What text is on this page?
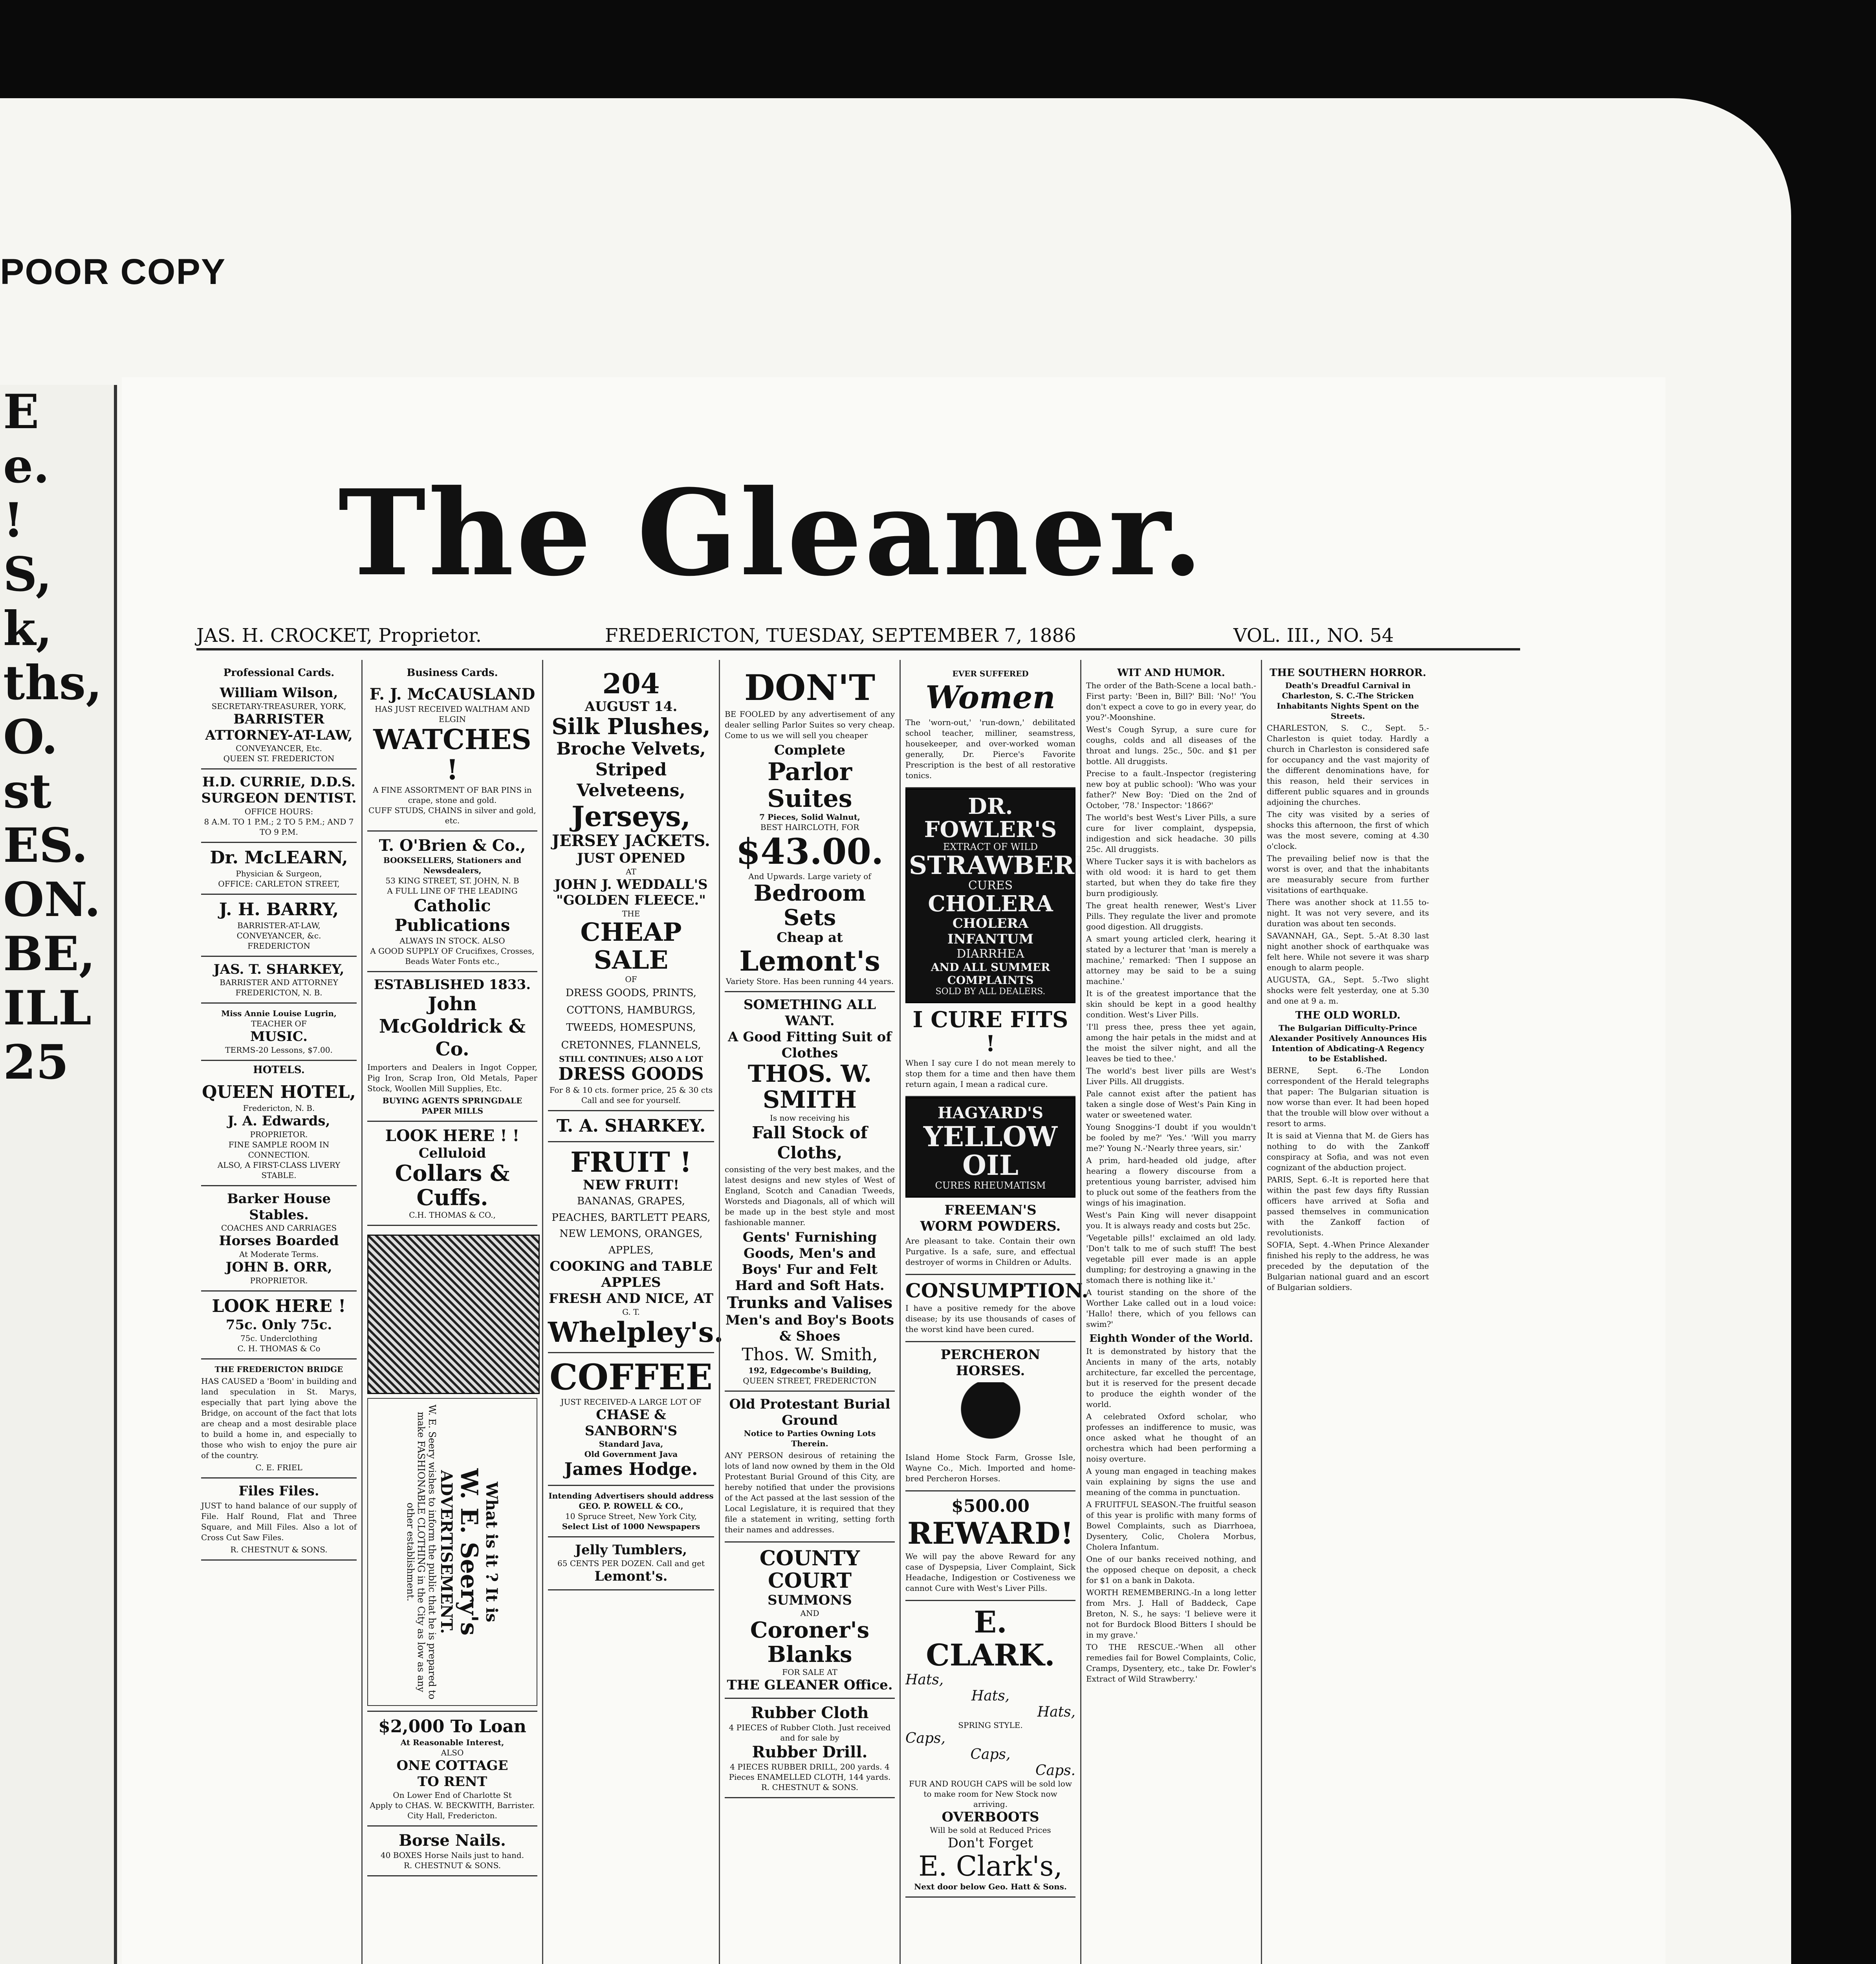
POOR COPY
E
e.
!
S,
k,
ths,
O.
st
ES.
ON.
BE,
ILL
25
The Gleaner.
JAS. H. CROCKET, Proprietor.	FREDERICTON, TUESDAY, SEPTEMBER 7, 1886	VOL. III., NO. 54
Professional Cards.
William Wilson,
SECRETARY-TREASURER, YORK,
BARRISTER
ATTORNEY-AT-LAW,
CONVEYANCER, Etc.
QUEEN ST. FREDERICTON
H.D. CURRIE, D.D.S.
SURGEON DENTIST.
OFFICE HOURS:
8 A.M. TO 1 P.M.; 2 TO 5 P.M.; AND 7 TO 9 P.M.
Dr. McLEARN,
Physician & Surgeon,
OFFICE: CARLETON STREET,
J. H. BARRY,
BARRISTER-AT-LAW,
CONVEYANCER, &c.
FREDERICTON
JAS. T. SHARKEY,
BARRISTER AND ATTORNEY
FREDERICTON, N. B.
Miss Annie Louise Lugrin,
TEACHER OF
MUSIC.
TERMS-20 Lessons, $7.00.
HOTELS.
QUEEN HOTEL,
Fredericton, N. B.
J. A. Edwards,
PROPRIETOR.
FINE SAMPLE ROOM IN CONNECTION.
ALSO, A FIRST-CLASS LIVERY STABLE.
Barker House Stables.
COACHES AND CARRIAGES
Horses Boarded
At Moderate Terms.
JOHN B. ORR,
PROPRIETOR.
LOOK HERE !
75c. Only 75c.
75c. Underclothing
C. H. THOMAS & Co
THE FREDERICTON BRIDGE
HAS CAUSED a 'Boom' in building and land speculation in St. Marys, especially that part lying above the Bridge, on account of the fact that lots are cheap and a most desirable place to build a home in, and especially to those who wish to enjoy the pure air of the country.
C. E. FRIEL
Files Files.
JUST to hand balance of our supply of File. Half Round, Flat and Three Square, and Mill Files. Also a lot of Cross Cut Saw Files.
R. CHESTNUT & SONS.
Business Cards.
F. J. McCAUSLAND
HAS JUST RECEIVED WALTHAM AND ELGIN
WATCHES !
A FINE ASSORTMENT OF BAR PINS in crape, stone and gold.
CUFF STUDS, CHAINS in silver and gold, etc.
T. O'Brien & Co.,
BOOKSELLERS, Stationers and Newsdealers,
53 KING STREET, ST. JOHN, N. B
A FULL LINE OF THE LEADING
Catholic Publications
ALWAYS IN STOCK. ALSO
A GOOD SUPPLY OF Crucifixes, Crosses, Beads Water Fonts etc.,
ESTABLISHED 1833.
John McGoldrick & Co.
Importers and Dealers in Ingot Copper, Pig Iron, Scrap Iron, Old Metals, Paper Stock, Woollen Mill Supplies, Etc.
BUYING AGENTS SPRINGDALE PAPER MILLS
LOOK HERE ! !
Celluloid
Collars & Cuffs.
C.H. THOMAS & CO.,
What is it ? It is
W. E. Seery's
ADVERTISEMENT.
W. E. Seery wishes to inform the public that he is prepared to make FASHIONABLE CLOTHING in the City as low as any other establishment.
$2,000 To Loan
At Reasonable Interest,
ALSO
ONE COTTAGE
TO RENT
On Lower End of Charlotte St
Apply to CHAS. W. BECKWITH, Barrister. City Hall, Fredericton.
Borse Nails.
40 BOXES Horse Nails just to hand.
R. CHESTNUT & SONS.
204
AUGUST 14.
Silk Plushes,
Broche Velvets,
Striped Velveteens,
Jerseys,
JERSEY JACKETS.
JUST OPENED
AT
JOHN J. WEDDALL'S
"GOLDEN FLEECE."
THE
CHEAP SALE
OF
DRESS GOODS, PRINTS, COTTONS, HAMBURGS, TWEEDS, HOMESPUNS, CRETONNES, FLANNELS,
STILL CONTINUES; ALSO A LOT
DRESS GOODS
For 8 & 10 cts. former price, 25 & 30 cts
Call and see for yourself.
T. A. SHARKEY.
FRUIT !
NEW FRUIT!
BANANAS, GRAPES, PEACHES, BARTLETT PEARS, NEW LEMONS, ORANGES, APPLES,
COOKING and TABLE APPLES
FRESH AND NICE, AT
G. T.
Whelpley's.
COFFEE
JUST RECEIVED-A LARGE LOT OF
CHASE & SANBORN'S
Standard Java,
Old Government Java
James Hodge.
Intending Advertisers should address
GEO. P. ROWELL & CO.,
10 Spruce Street, New York City,
Select List of 1000 Newspapers
Jelly Tumblers,
65 CENTS PER DOZEN. Call and get
Lemont's.
DON'T
BE FOOLED by any advertisement of any dealer selling Parlor Suites so very cheap. Come to us we will sell you cheaper
Complete
Parlor Suites
7 Pieces, Solid Walnut,
BEST HAIRCLOTH, FOR
$43.00.
And Upwards. Large variety of
Bedroom Sets
Cheap at
Lemont's
Variety Store. Has been running 44 years.
SOMETHING ALL WANT.
A Good Fitting Suit of Clothes
THOS. W. SMITH
Is now receiving his
Fall Stock of Cloths,
consisting of the very best makes, and the latest designs and new styles of West of England, Scotch and Canadian Tweeds, Worsteds and Diagonals, all of which will be made up in the best style and most fashionable manner.
Gents' Furnishing Goods, Men's and Boys' Fur and Felt Hard and Soft Hats.
Trunks and Valises
Men's and Boy's Boots & Shoes
Thos. W. Smith,
192, Edgecombe's Building,
QUEEN STREET, FREDERICTON
Old Protestant Burial Ground
Notice to Parties Owning Lots Therein.
ANY PERSON desirous of retaining the lots of land now owned by them in the Old Protestant Burial Ground of this City, are hereby notified that under the provisions of the Act passed at the last session of the Local Legislature, it is required that they file a statement in writing, setting forth their names and addresses.
COUNTY COURT
SUMMONS
AND
Coroner's Blanks
FOR SALE AT
THE GLEANER Office.
Rubber Cloth
4 PIECES of Rubber Cloth. Just received and for sale by
Rubber Drill.
4 PIECES RUBBER DRILL, 200 yards. 4 Pieces ENAMELLED CLOTH, 144 yards.
R. CHESTNUT & SONS.
EVER SUFFERED
Women
The 'worn-out,' 'run-down,' debilitated school teacher, milliner, seamstress, housekeeper, and over-worked woman generally, Dr. Pierce's Favorite Prescription is the best of all restorative tonics.
DR. FOWLER'S
EXTRACT OF WILD
STRAWBERRY
CURES
CHOLERA
CHOLERA INFANTUM
DIARRHEA
AND ALL SUMMER COMPLAINTS
SOLD BY ALL DEALERS.
I CURE FITS !
When I say cure I do not mean merely to stop them for a time and then have them return again, I mean a radical cure.
HAGYARD'S
YELLOW OIL
CURES RHEUMATISM
FREEMAN'S
WORM POWDERS.
Are pleasant to take. Contain their own Purgative. Is a safe, sure, and effectual destroyer of worms in Children or Adults.
CONSUMPTION.
I have a positive remedy for the above disease; by its use thousands of cases of the worst kind have been cured.
PERCHERON HORSES.
Island Home Stock Farm, Grosse Isle, Wayne Co., Mich. Imported and home-bred Percheron Horses.
$500.00
REWARD!
We will pay the above Reward for any case of Dyspepsia, Liver Complaint, Sick Headache, Indigestion or Costiveness we cannot Cure with West's Liver Pills.
E. CLARK.
Hats,
Hats,
Hats,
SPRING STYLE.
Caps,
Caps,
Caps.
FUR AND ROUGH CAPS will be sold low to make room for New Stock now arriving.
OVERBOOTS
Will be sold at Reduced Prices
Don't Forget
E. Clark's,
Next door below Geo. Hatt & Sons.
WIT AND HUMOR.

The order of the Bath-Scene a local bath.-First party: 'Been in, Bill?' Bill: 'No!' 'You don't expect a cove to go in every year, do you?'-Moonshine.

West's Cough Syrup, a sure cure for coughs, colds and all diseases of the throat and lungs. 25c., 50c. and $1 per bottle. All druggists.

Precise to a fault.-Inspector (registering new boy at public school): 'Who was your father?' New Boy: 'Died on the 2nd of October, '78.' Inspector: '1866?'

The world's best West's Liver Pills, a sure cure for liver complaint, dyspepsia, indigestion and sick headache. 30 pills 25c. All druggists.

Where Tucker says it is with bachelors as with old wood: it is hard to get them started, but when they do take fire they burn prodigiously.

The great health renewer, West's Liver Pills. They regulate the liver and promote good digestion. All druggists.

A smart young articled clerk, hearing it stated by a lecturer that 'man is merely a machine,' remarked: 'Then I suppose an attorney may be said to be a suing machine.'

It is of the greatest importance that the skin should be kept in a good healthy condition. West's Liver Pills.

'I'll press thee, press thee yet again, among the hair petals in the midst and at the moist the silver night, and all the leaves be tied to thee.'

The world's best liver pills are West's Liver Pills. All druggists.

Pale cannot exist after the patient has taken a single dose of West's Pain King in water or sweetened water.

Young Snoggins-'I doubt if you wouldn't be fooled by me?' 'Yes.' 'Will you marry me?' Young N.-'Nearly three years, sir.'

A prim, hard-headed old judge, after hearing a flowery discourse from a pretentious young barrister, advised him to pluck out some of the feathers from the wings of his imagination.

West's Pain King will never disappoint you. It is always ready and costs but 25c.

'Vegetable pills!' exclaimed an old lady. 'Don't talk to me of such stuff! The best vegetable pill ever made is an apple dumpling; for destroying a gnawing in the stomach there is nothing like it.'

A tourist standing on the shore of the Worther Lake called out in a loud voice: 'Hallo! there, which of you fellows can swim?'

Eighth Wonder of the World.

It is demonstrated by history that the Ancients in many of the arts, notably architecture, far excelled the percentage, but it is reserved for the present decade to produce the eighth wonder of the world.

A celebrated Oxford scholar, who professes an indifference to music, was once asked what he thought of an orchestra which had been performing a noisy overture.

A young man engaged in teaching makes vain explaining by signs the use and meaning of the comma in punctuation.

A FRUITFUL SEASON.-The fruitful season of this year is prolific with many forms of Bowel Complaints, such as Diarrhoea, Dysentery, Colic, Cholera Morbus, Cholera Infantum.

One of our banks received nothing, and the opposed cheque on deposit, a check for $1 on a bank in Dakota.

WORTH REMEMBERING.-In a long letter from Mrs. J. Hall of Baddeck, Cape Breton, N. S., he says: 'I believe were it not for Burdock Blood Bitters I should be in my grave.'

TO THE RESCUE.-'When all other remedies fail for Bowel Complaints, Colic, Cramps, Dysentery, etc., take Dr. Fowler's Extract of Wild Strawberry.'

THE SOUTHERN HORROR.
Death's Dreadful Carnival in Charleston, S. C.-The Stricken Inhabitants Nights Spent on the Streets.

CHARLESTON, S. C., Sept. 5.-Charleston is quiet today. Hardly a church in Charleston is considered safe for occupancy and the vast majority of the different denominations have, for this reason, held their services in different public squares and in grounds adjoining the churches.

The city was visited by a series of shocks this afternoon, the first of which was the most severe, coming at 4.30 o'clock.

The prevailing belief now is that the worst is over, and that the inhabitants are measurably secure from further visitations of earthquake.

There was another shock at 11.55 to-night. It was not very severe, and its duration was about ten seconds.

SAVANNAH, GA., Sept. 5.-At 8.30 last night another shock of earthquake was felt here. While not severe it was sharp enough to alarm people.

AUGUSTA, GA., Sept. 5.-Two slight shocks were felt yesterday, one at 5.30 and one at 9 a. m.

THE OLD WORLD.
The Bulgarian Difficulty-Prince Alexander Positively Announces His Intention of Abdicating-A Regency to be Established.

BERNE, Sept. 6.-The London correspondent of the Herald telegraphs that paper: The Bulgarian situation is now worse than ever. It had been hoped that the trouble will blow over without a resort to arms.

It is said at Vienna that M. de Giers has nothing to do with the Zankoff conspiracy at Sofia, and was not even cognizant of the abduction project.

PARIS, Sept. 6.-It is reported here that within the past few days fifty Russian officers have arrived at Sofia and passed themselves in communication with the Zankoff faction of revolutionists.

SOFIA, Sept. 4.-When Prince Alexander finished his reply to the address, he was preceded by the deputation of the Bulgarian national guard and an escort of Bulgarian soldiers.
